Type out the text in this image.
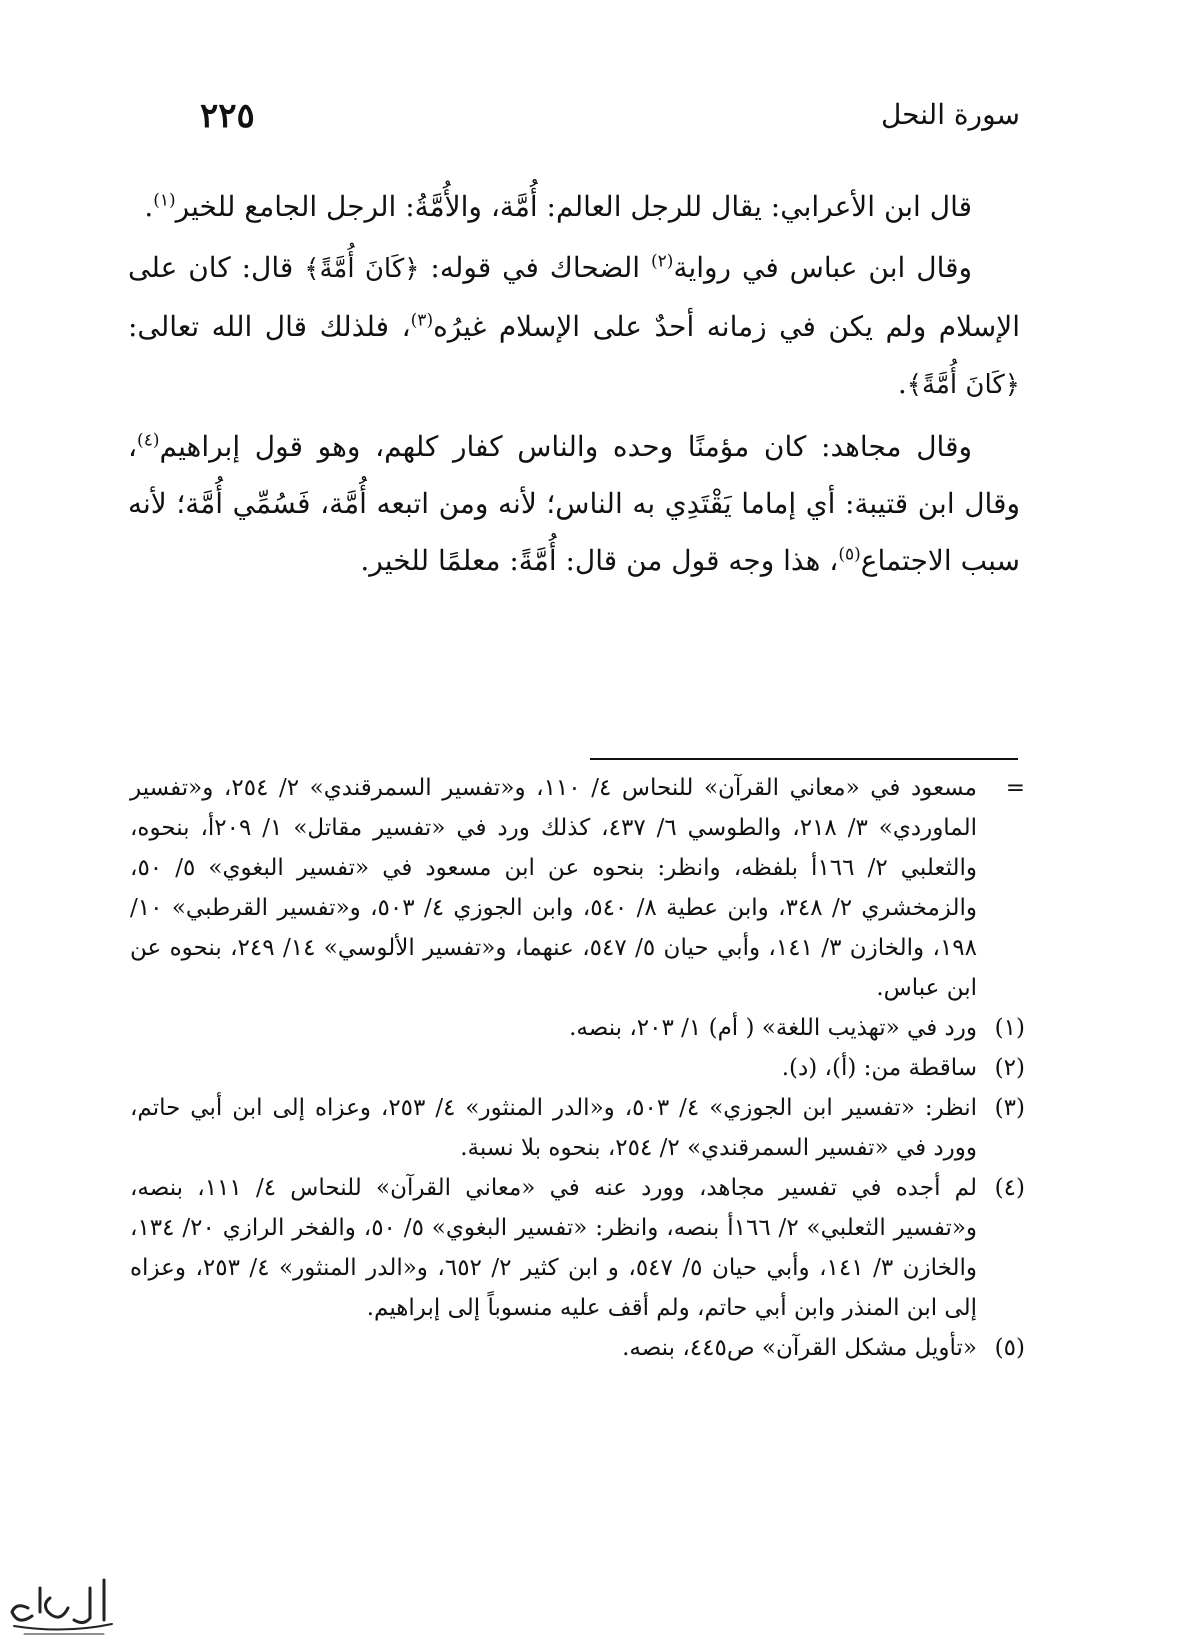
سورة النحل
٢٢٥

قال ابن الأعرابي: يقال للرجل العالم: أُمَّة، والأُمَّةُ: الرجل الجامع للخير$^{(١)}$.

وقال ابن عباس في رواية$^{(٢)}$ الضحاك في قوله: ﴿كَانَ أُمَّةً﴾ قال: كان على الإسلام ولم يكن في زمانه أحدٌ على الإسلام غيرُه$^{(٣)}$، فلذلك قال الله تعالى: ﴿كَانَ أُمَّةً﴾.

وقال مجاهد: كان مؤمنًا وحده والناس كفار كلهم، وهو قول إبراهيم$^{(٤)}$، وقال ابن قتيبة: أي إماما يَقْتَدِي به الناس؛ لأنه ومن اتبعه أُمَّة، فَسُمِّي أُمَّة؛ لأنه سبب الاجتماع$^{(٥)}$، هذا وجه قول من قال: أُمَّةً: معلمًا للخير.

=
مسعود في «معاني القرآن» للنحاس ٤/ ١١٠، و«تفسير السمرقندي» ٢/ ٢٥٤، و«تفسير الماوردي» ٣/ ٢١٨، والطوسي ٦/ ٤٣٧، كذلك ورد في «تفسير مقاتل» ١/ ٢٠٩أ، بنحوه، والثعلبي ٢/ ١٦٦أ بلفظه، وانظر: بنحوه عن ابن مسعود في «تفسير البغوي» ٥/ ٥٠، والزمخشري ٢/ ٣٤٨، وابن عطية ٨/ ٥٤٠، وابن الجوزي ٤/ ٥٠٣، و«تفسير القرطبي» ١٠/ ١٩٨، والخازن ٣/ ١٤١، وأبي حيان ٥/ ٥٤٧، عنهما، و«تفسير الألوسي» ١٤/ ٢٤٩، بنحوه عن ابن عباس.
(١)
ورد في «تهذيب اللغة» ( أم) ١/ ٢٠٣، بنصه.
(٢)
ساقطة من: (أ)، (د).
(٣)
انظر: «تفسير ابن الجوزي» ٤/ ٥٠٣، و«الدر المنثور» ٤/ ٢٥٣، وعزاه إلى ابن أبي حاتم، وورد في «تفسير السمرقندي» ٢/ ٢٥٤، بنحوه بلا نسبة.
(٤)
لم أجده في تفسير مجاهد، وورد عنه في «معاني القرآن» للنحاس ٤/ ١١١، بنصه، و«تفسير الثعلبي» ٢/ ١٦٦أ بنصه، وانظر: «تفسير البغوي» ٥/ ٥٠، والفخر الرازي ٢٠/ ١٣٤، والخازن ٣/ ١٤١، وأبي حيان ٥/ ٥٤٧، و ابن كثير ٢/ ٦٥٢، و«الدر المنثور» ٤/ ٢٥٣، وعزاه إلى ابن المنذر وابن أبي حاتم، ولم أقف عليه منسوباً إلى إبراهيم.
(٥)
«تأويل مشكل القرآن» ص٤٤٥، بنصه.
